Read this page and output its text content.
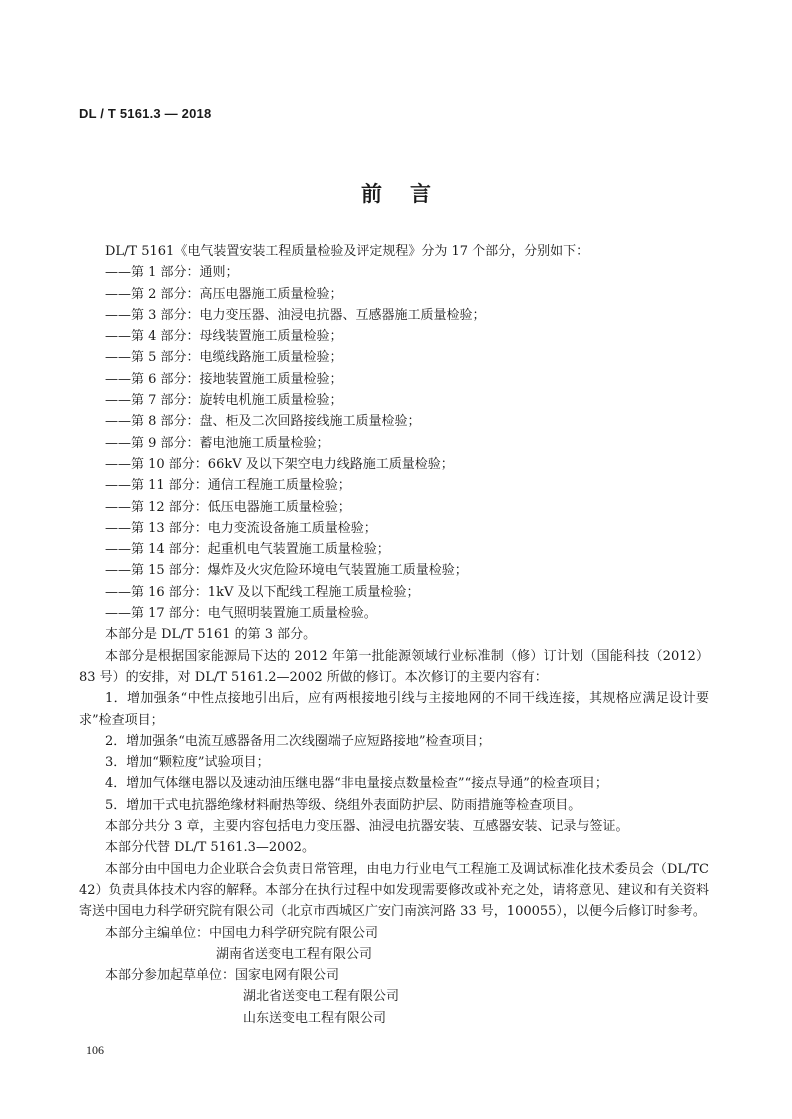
DL / T 5161.3 — 2018
前言
DL/T 5161《电气装置安装工程质量检验及评定规程》分为 17 个部分，分别如下：
——第 1 部分：通则；
——第 2 部分：高压电器施工质量检验；
——第 3 部分：电力变压器、油浸电抗器、互感器施工质量检验；
——第 4 部分：母线装置施工质量检验；
——第 5 部分：电缆线路施工质量检验；
——第 6 部分：接地装置施工质量检验；
——第 7 部分：旋转电机施工质量检验；
——第 8 部分：盘、柜及二次回路接线施工质量检验；
——第 9 部分：蓄电池施工质量检验；
——第 10 部分：66kV 及以下架空电力线路施工质量检验；
——第 11 部分：通信工程施工质量检验；
——第 12 部分：低压电器施工质量检验；
——第 13 部分：电力变流设备施工质量检验；
——第 14 部分：起重机电气装置施工质量检验；
——第 15 部分：爆炸及火灾危险环境电气装置施工质量检验；
——第 16 部分：1kV 及以下配线工程施工质量检验；
——第 17 部分：电气照明装置施工质量检验。
本部分是 DL/T 5161 的第 3 部分。
本部分是根据国家能源局下达的 2012 年第一批能源领域行业标准制（修）订计划（国能科技（2012）83 号）的安排，对 DL/T 5161.2—2002 所做的修订。本次修订的主要内容有：
1．增加强条“中性点接地引出后，应有两根接地引线与主接地网的不同干线连接，其规格应满足设计要求”检查项目；
2．增加强条“电流互感器备用二次线圈端子应短路接地”检查项目；
3．增加“颗粒度”试验项目；
4．增加气体继电器以及速动油压继电器“非电量接点数量检查”“接点导通”的检查项目；
5．增加干式电抗器绝缘材料耐热等级、绕组外表面防护层、防雨措施等检查项目。
本部分共分 3 章，主要内容包括电力变压器、油浸电抗器安装、互感器安装、记录与签证。
本部分代替 DL/T 5161.3—2002。
本部分由中国电力企业联合会负责日常管理，由电力行业电气工程施工及调试标准化技术委员会（DL/TC 42）负责具体技术内容的解释。本部分在执行过程中如发现需要修改或补充之处，请将意见、建议和有关资料寄送中国电力科学研究院有限公司（北京市西城区广安门南滨河路 33 号，100055），以便今后修订时参考。
本部分主编单位：中国电力科学研究院有限公司
湖南省送变电工程有限公司
本部分参加起草单位：国家电网有限公司
湖北省送变电工程有限公司
山东送变电工程有限公司
106
